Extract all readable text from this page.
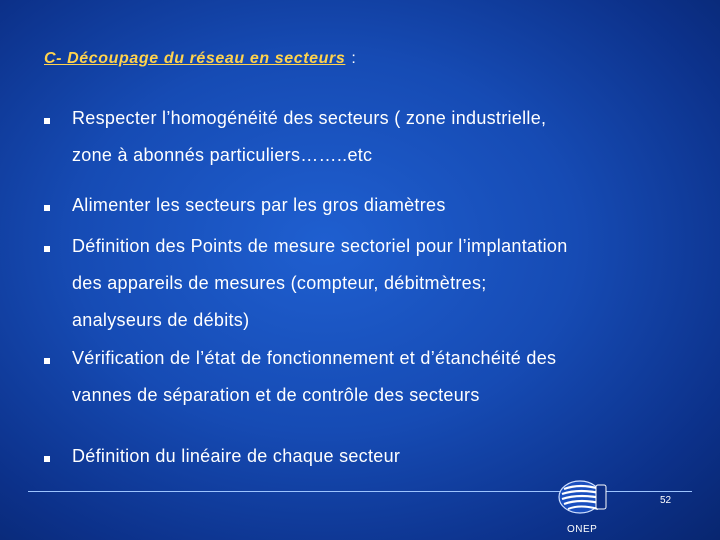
C- Découpage du réseau en secteurs :
Respecter l’homogénéité des secteurs ( zone industrielle,
zone à abonnés particuliers……..etc
Alimenter les secteurs par les gros diamètres
Définition des Points de mesure sectoriel pour l’implantation
des appareils de mesures (compteur, débitmètres;
analyseurs de débits)
Vérification de l’état de fonctionnement et d’étanchéité des
vannes de séparation et de contrôle des secteurs
Définition du linéaire de chaque secteur
ONEP
52
